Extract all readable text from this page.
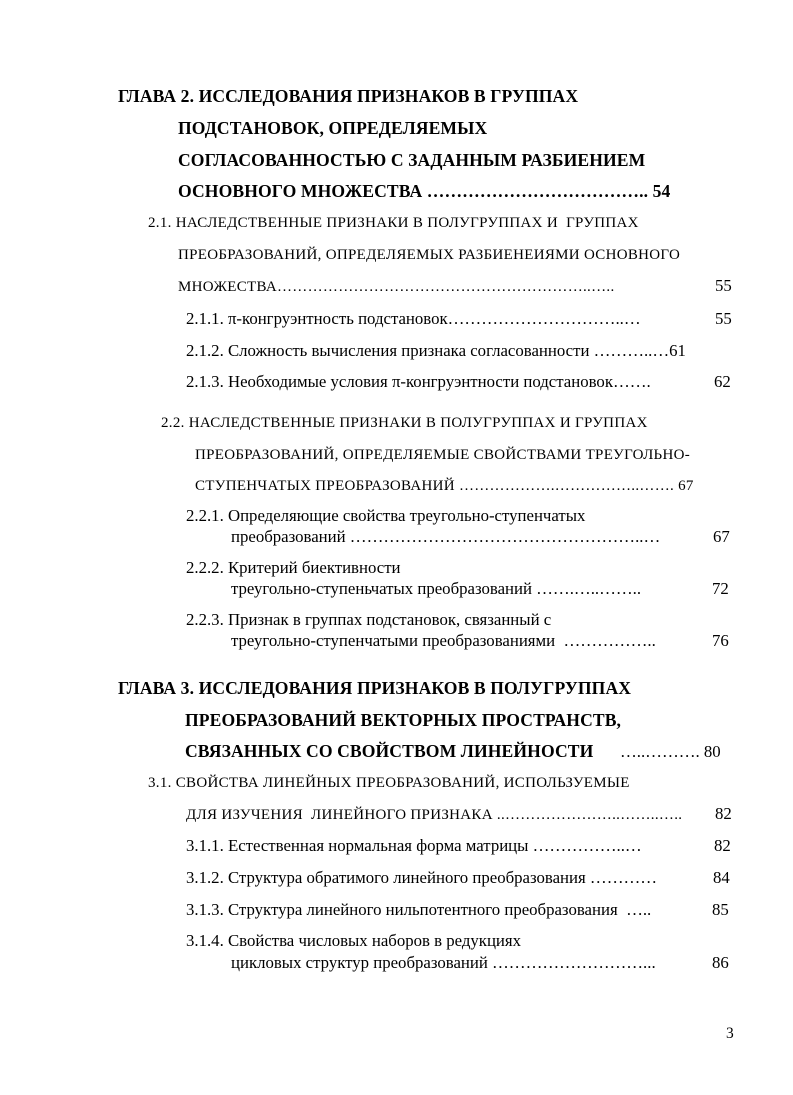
ГЛАВА 2. ИССЛЕДОВАНИЯ ПРИЗНАКОВ В ГРУППАХ
ПОДСТАНОВОК, ОПРЕДЕЛЯЕМЫХ
СОГЛАСОВАННОСТЬЮ С ЗАДАННЫМ РАЗБИЕНИЕМ
ОСНОВНОГО МНОЖЕСТВА ……………………………….. 54
2.1. НАСЛЕДСТВЕННЫЕ ПРИЗНАКИ В ПОЛУГРУППАХ И  ГРУППАХ
ПРЕОБРАЗОВАНИЙ, ОПРЕДЕЛЯЕМЫХ РАЗБИЕНЕИЯМИ ОСНОВНОГО
МНОЖЕСТВА……………………………………………………..…..	55
2.1.1. π-конгруэнтность подстановок…………………………..…	55
2.1.2. Сложность вычисления признака согласованности ………..…61
2.1.3. Необходимые условия π-конгруэнтности подстановок…….	62
2.2. НАСЛЕДСТВЕННЫЕ ПРИЗНАКИ В ПОЛУГРУППАХ И ГРУППАХ
ПРЕОБРАЗОВАНИЙ, ОПРЕДЕЛЯЕМЫЕ СВОЙСТВАМИ ТРЕУГОЛЬНО-
СТУПЕНЧАТЫХ ПРЕОБРАЗОВАНИЙ ……………….……………..……. 67
2.2.1. Определяющие свойства треугольно-ступенчатых
преобразований ……………………………………………..…	67
2.2.2. Критерий биективности
треугольно-ступеньчатых преобразований …….…..……..	72
2.2.3. Признак в группах подстановок, связанный с
треугольно-ступенчатыми преобразованиями  ……………..	76
ГЛАВА 3. ИССЛЕДОВАНИЯ ПРИЗНАКОВ В ПОЛУГРУППАХ
ПРЕОБРАЗОВАНИЙ ВЕКТОРНЫХ ПРОСТРАНСТВ,
СВЯЗАННЫХ СО СВОЙСТВОМ ЛИНЕЙНОСТИ …..………. 80
3.1. СВОЙСТВА ЛИНЕЙНЫХ ПРЕОБРАЗОВАНИЙ, ИСПОЛЬЗУЕМЫЕ
ДЛЯ ИЗУЧЕНИЯ  ЛИНЕЙНОГО ПРИЗНАКА ..…………………..……..….. 82
3.1.1. Естественная нормальная форма матрицы ……………..…	82
3.1.2. Структура обратимого линейного преобразования …………	84
3.1.3. Структура линейного нильпотентного преобразования  …..	85
3.1.4. Свойства числовых наборов в редукциях
цикловых структур преобразований ………………………...	86
3
